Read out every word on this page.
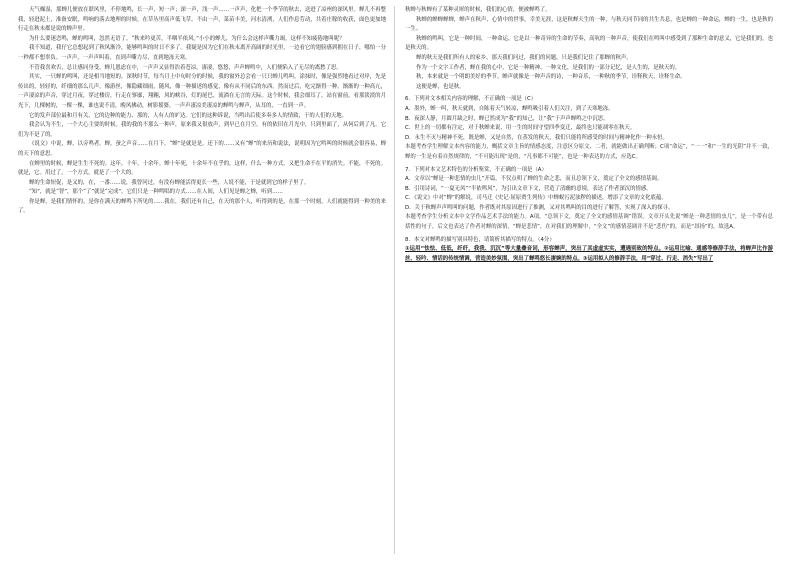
天气燥湿，那蝉儿便放在联风里，不停地鸣，长一声，短一声；深一声，浅一声……一声声，化把一个季节的秋去，送进了凉州的深风里。蝉儿不再整我，轻进泥土，准备安眠，鸣响的落去地理的时候，在草丛里高声低飞草。不由一声，菜苗丰美，河水清洌，人们作息劳动，共着庄稼的收获，面色更加地行走在秋未都是说的蝉声里。

为什么要迷恋鸣，蝉的鸣叫，忽然无语了。“秋来吟更苦，半咽半依风。”小小的蝉儿，为什么会这样声嘶力竭，这样不知疲倦地叫呢？

我不知道，我仔它总想起到了秋风渐冷，能够鸣叫的时日不多了。我疑是因为它们在秋末离开高阔的时光里，一边看它的翅膀感到拥在日子，哪怕一分一秒都不想辜负。一声声，一声声叫着，直到声嘶力尽，直到地冻天寒。

不管我喜欢否，总让感同身受。蝉儿恩虑在中，一声声又显得浩着苍凉，凄凄，悠悠，声声蝉鸣中，人们便陷入了无尽的离愁了思。

其实，一只蝉的鸣叫，还是相当地短的，深秋时节，每当月上中旬时分的时候，我的窗外总会看一只只蝉儿鸣叫。涂抹时，像是强烈地看过对岸，先是传出的，轻轻的，纤细的那么几声，像游丝，像隐藏细雨，随风，像一种描述的感觉，像有从不同后的东西。然而过后，吃完渐得一种。渐渐的一种高亢，一声凄凉的声音，穿过月夜，穿过楼房，行走在寥廓，翔翱，风的峡谷，灯的尾巴，流淌在无言的天际。这个时候，我会细耳了，站在窗前，看那淡淡的月光下，几棵树的，一棵一棵，谁也说不清，晚风拂动，树影摇婆，一声声凄凉美凄凉的蝉鸣与蝉声，从耳的，一直到一声。

它的发声部位最和月有关，它的边种的能力、那的，人有人的旷达。它们的这种诉说，当鸣出后使多奏多人的情致，于的人们的天地。

我会认为不生，一个大心主要的时候。我的我的不那么一种声，原来我又很放声，到早已在月空，有的依旧在月光中，只到里面了，从何后到了凡。它们为不是了的。

《说文》中说，蝉，以旁鸣者。蝉，蚕之声音……在月下，“蝉”是就是是，还下的……又有“蝉”的来历和说法，说明因为它鸣叫的时候就会很容易，蝉的天下的意思。

在蝉里的时候，蝉是生生不死的。这年，十年，十余年。蝉十年死，十余年不在乎的。这样，什么一种方式。又把生命不在平的消失。不能，不死的。就是，它。用过了，一个方式，就是了一个大的。

蝉的生命短促，是又的，在，一番……说，我曾问过，有没有蝉能活得更长一些，人说不能，于是就到它的样子里了。

“知”，就是“智”，那个“了”就是“完成”，它们只是一种鸣唱的方式……在人间，人们见是蝉之蝉，听到……

你是蝉，是我们情怀的，是你在满天的蝉鸣下所见的……我在，我们还有自己，在天的那个人，听得到的是，在那一个时刻，人们就能得到一种美的来了。

秋蝉与秋蝉有了某种灵犀的时候，我们的心情，便被蝉鸣了。

秋蝉的蝉蝉蝉蝉，蝉声在秋声，心情中的世事，幸美无涯，这是秋蝉天生的一种，与秋天同节同的共生共息，也是蝉的一种命运，蝉的一生，也是秋的一生。

秋蝉的鸣叫，它是一种时间，一种命运，它是以一种奇异的生命的节奏，高吭的一种声音，使我们在鸣叫中感受到了那种生命的意义，它是我们的，也是秋天的。

蝉的秋天是我们所有人的家乡，那天我们问过，我们的问题。只是我们记住了那蝉的秋声。

作为一个文字工作者，蝉在我的心中，它是一种精神、一种文化，是我们的一部分记忆，是人生的，是秋天的。

秋，本来就是一个明朗美好的季节。蝉声就像是一种声音的诗，一种音乐，一种秋的季节，诠释秋天，诠释生命。

这便是蝉，也是秋。

6．下列对文本相关内容的理解，不正确的一项是（C）

A．墨外，蝉一叫，秋天就到，自陈着天气转凉，蝉鸣吸引着人们关注，到了天寒地冻。

B．夜深人静，月圆月缺之时，蝉已然成为“我”的知己，让“我”于声声蝉鸣之中沉思。

C．世上的一切都有注定，对于秋蝉来说，用一生的时间守望四季变迁，最终也只能凋零在秋天。

D．永生不灭与精神不死，既是蝉，又是自然，在蒸发的秋天，我们只能将所感受的时间与精神化作一种永恒。

本题考查学生理解文本内容的能力，概括文章主旨的情感态度，注意区分原文、二者，就能做出正确判断；C项“命运”，“一一”和“一生的光阴”并不一致，蝉的一生是有着自然规律的，“不可能出现”是的，“凡事都不可能”，也是一种表达的方式，应选C。

7．下列对本文艺术特色的分析鉴赏，不正确的一项是（A）

A．文章以“蝉是一种悲情的虫儿”开篇，不仅点明了蝉的生命之悲，而且总领下文，奠定了全文的感情基调。

B．引用诗词，“一夏无风”“半依鸣风”，为引出文章下文，营造了清幽的意境，表达了作者深沉的情感。

C．《说文》中对“蝉”的解说，司马迁《史记·屈原贾生列传》中蝉蜕污泥浊秽的描述，增添了文章的文化底蕴。

D．关于秋蝉声声鸣叫的问题，作者既对其原因进行了推测，又对其鸣叫的目的进行了解答，实现了深入的探寻。

本题考查学生分析文本中文学作品艺术手法的能力。A项，“总领下文，奠定了全文的感情基调”错误。文章开头先说“蝉是一种悲情的虫儿”，是一个带有总括性的句子，后文也表达了作者对蝉的深情，“蝉是悲情”，在对我们的理解中，“全文”的感情基调并不是“悲伤”的，而是“昂扬”的，故选A。

8．本文对蝉鸣的描写别具特色，请简析其描写的特点。（4分）

①运用“怯怯、低低，纤纤，我我、沉沉”等大量叠音词，形容蝉声，突出了其虚虚实实，遭遇别致的特点。②运用比喻、通感等修辞手法，将蝉声比作游丝、轻吟、情话的传统情调，营造美妙氛围，突出了蝉鸣悠长凄婉的特点。③运用拟人的修辞手法，用“穿过、行走、消失”写出了
